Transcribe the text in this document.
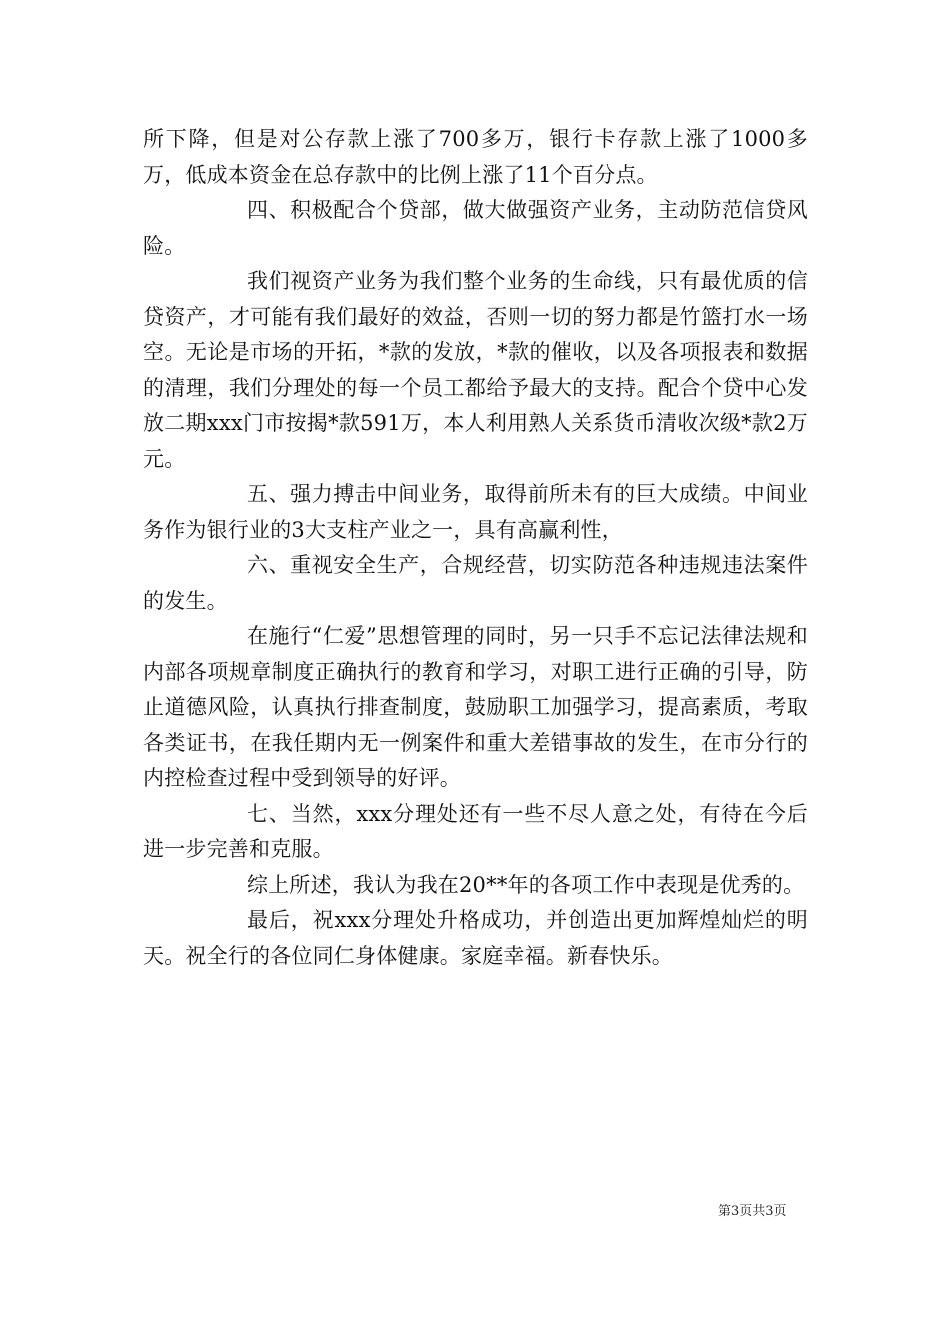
所下降，但是对公存款上涨了700多万，银行卡存款上涨了1000多万，低成本资金在总存款中的比例上涨了11个百分点。

四、积极配合个贷部，做大做强资产业务，主动防范信贷风险。

我们视资产业务为我们整个业务的生命线，只有最优质的信贷资产，才可能有我们最好的效益，否则一切的努力都是竹篮打水一场空。无论是市场的开拓，*款的发放，*款的催收，以及各项报表和数据的清理，我们分理处的每一个员工都给予最大的支持。配合个贷中心发放二期xxx门市按揭*款591万，本人利用熟人关系货币清收次级*款2万元。

五、强力搏击中间业务，取得前所未有的巨大成绩。中间业务作为银行业的3大支柱产业之一，具有高赢利性，

六、重视安全生产，合规经营，切实防范各种违规违法案件的发生。

在施行“仁爱”思想管理的同时，另一只手不忘记法律法规和内部各项规章制度正确执行的教育和学习，对职工进行正确的引导，防止道德风险，认真执行排查制度，鼓励职工加强学习，提高素质，考取各类证书，在我任期内无一例案件和重大差错事故的发生，在市分行的内控检查过程中受到领导的好评。

七、当然，xxx分理处还有一些不尽人意之处，有待在今后进一步完善和克服。

综上所述，我认为我在20**年的各项工作中表现是优秀的。

最后，祝xxx分理处升格成功，并创造出更加辉煌灿烂的明天。祝全行的各位同仁身体健康。家庭幸福。新春快乐。

第3页共3页
